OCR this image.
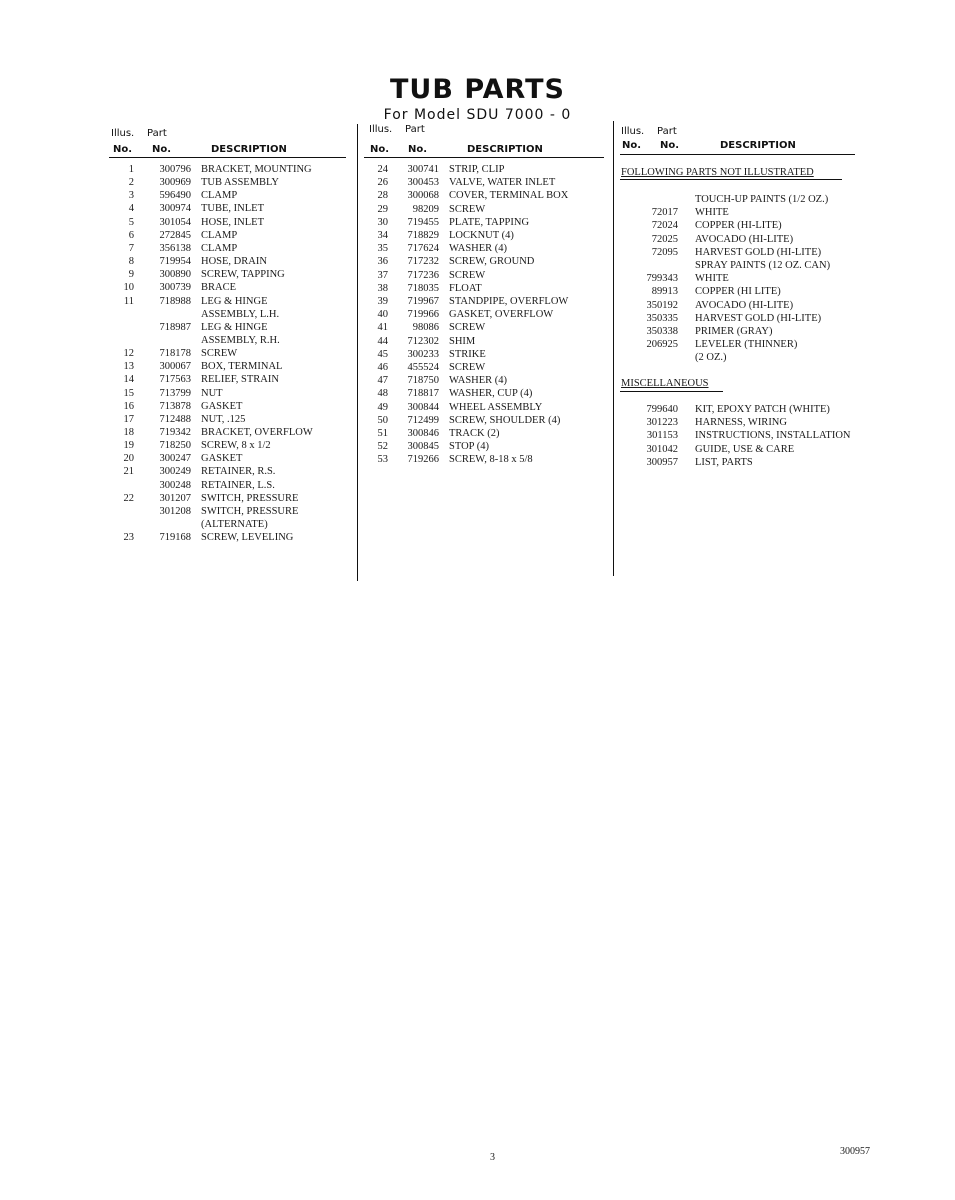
TUB PARTS
For Model SDU 7000 - 0
Illus. Part
No. No.	DESCRIPTION
1	300796 BRACKET, MOUNTING
2	300969 TUB ASSEMBLY
3	596490 CLAMP
4	300974 TUBE, INLET
5	301054 HOSE, INLET
6	272845 CLAMP
7	356138 CLAMP
8	719954 HOSE, DRAIN
9	300890 SCREW, TAPPING
10	300739 BRACE
11	718988 LEG & HINGE
ASSEMBLY, L.H.
718987 LEG & HINGE
ASSEMBLY, R.H.
12	718178 SCREW
13	300067 BOX, TERMINAL
14	717563 RELIEF, STRAIN
15	713799 NUT
16	713878 GASKET
17	712488 NUT, .125
18	719342 BRACKET, OVERFLOW
19	718250 SCREW, 8 x 1/2
20	300247 GASKET
21	300249 RETAINER, R.S.
300248 RETAINER, L.S.
22	301207 SWITCH, PRESSURE
301208 SWITCH, PRESSURE
(ALTERNATE)
23	719168 SCREW, LEVELING
Illus. Part
No. No.	DESCRIPTION
24	300741 STRIP, CLIP
26	300453 VALVE, WATER INLET
28	300068 COVER, TERMINAL BOX
29	98209 SCREW
30	719455 PLATE, TAPPING
34	718829 LOCKNUT (4)
35	717624 WASHER (4)
36	717232 SCREW, GROUND
37	717236 SCREW
38	718035 FLOAT
39	719967 STANDPIPE, OVERFLOW
40	719966 GASKET, OVERFLOW
41	98086 SCREW
44	712302 SHIM
45	300233 STRIKE
46	455524 SCREW
47	718750 WASHER (4)
48	718817 WASHER, CUP (4)
49	300844 WHEEL ASSEMBLY
50	712499 SCREW, SHOULDER (4)
51	300846 TRACK (2)
52	300845 STOP (4)
53	719266 SCREW, 8-18 x 5/8
Illus. Part
No. No.	DESCRIPTION
FOLLOWING PARTS NOT ILLUSTRATED
TOUCH-UP PAINTS (1/2 OZ.)
72017 WHITE
72024 COPPER (HI-LITE)
72025 AVOCADO (HI-LITE)
72095 HARVEST GOLD (HI-LITE)
SPRAY PAINTS (12 OZ. CAN)
799343 WHITE
89913 COPPER (HI LITE)
350192 AVOCADO (HI-LITE)
350335 HARVEST GOLD (HI-LITE)
350338 PRIMER (GRAY)
206925 LEVELER (THINNER)
(2 OZ.)
MISCELLANEOUS
799640 KIT, EPOXY PATCH (WHITE)
301223 HARNESS, WIRING
301153 INSTRUCTIONS, INSTALLATION
301042 GUIDE, USE & CARE
300957 LIST, PARTS
3
300957
